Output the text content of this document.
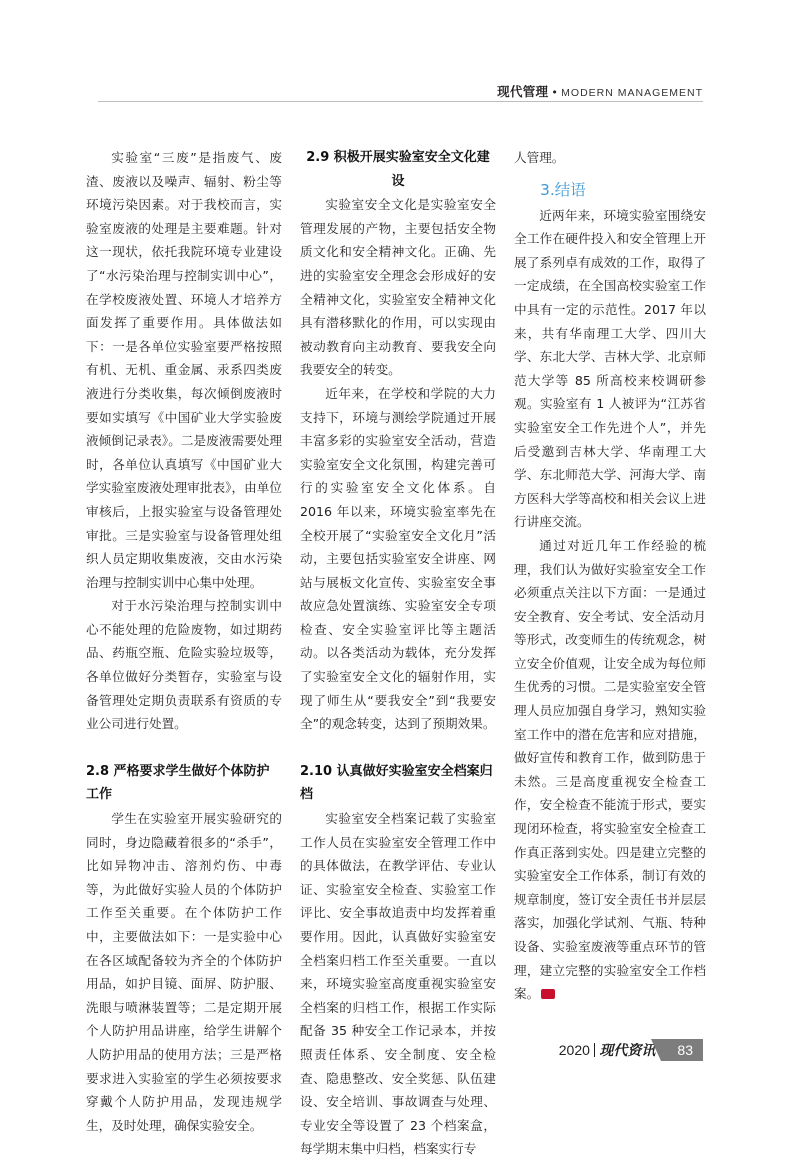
现代管理 • MODERN MANAGEMENT

实验室“三废”是指废气、废渣、废液以及噪声、辐射、粉尘等环境污染因素。对于我校而言，实验室废液的处理是主要难题。针对这一现状，依托我院环境专业建设了“水污染治理与控制实训中心”，在学校废液处置、环境人才培养方面发挥了重要作用。具体做法如下：一是各单位实验室要严格按照有机、无机、重金属、汞系四类废液进行分类收集，每次倾倒废液时要如实填写《中国矿业大学实验废液倾倒记录表》。二是废液需要处理时，各单位认真填写《中国矿业大学实验室废液处理审批表》，由单位审核后，上报实验室与设备管理处审批。三是实验室与设备管理处组织人员定期收集废液，交由水污染治理与控制实训中心集中处理。

对于水污染治理与控制实训中心不能处理的危险废物，如过期药品、药瓶空瓶、危险实验垃圾等，各单位做好分类暂存，实验室与设备管理处定期负责联系有资质的专业公司进行处置。

2.8 严格要求学生做好个体防护工作

学生在实验室开展实验研究的同时，身边隐藏着很多的“杀手”，比如异物冲击、溶剂灼伤、中毒等，为此做好实验人员的个体防护工作至关重要。在个体防护工作中，主要做法如下：一是实验中心在各区域配备较为齐全的个体防护用品，如护目镜、面屏、防护服、洗眼与喷淋装置等；二是定期开展个人防护用品讲座，给学生讲解个人防护用品的使用方法；三是严格要求进入实验室的学生必须按要求穿戴个人防护用品，发现违规学生，及时处理，确保实验安全。

2.9 积极开展实验室安全文化建设

实验室安全文化是实验室安全管理发展的产物，主要包括安全物质文化和安全精神文化。正确、先进的实验室安全理念会形成好的安全精神文化，实验室安全精神文化具有潜移默化的作用，可以实现由被动教育向主动教育、要我安全向我要安全的转变。

近年来，在学校和学院的大力支持下，环境与测绘学院通过开展丰富多彩的实验室安全活动，营造实验室安全文化氛围，构建完善可行的实验室安全文化体系。自 2016 年以来，环境实验室率先在全校开展了“实验室安全文化月”活动，主要包括实验室安全讲座、网站与展板文化宣传、实验室安全事故应急处置演练、实验室安全专项检查、安全实验室评比等主题活动。以各类活动为载体，充分发挥了实验室安全文化的辐射作用，实现了师生从“要我安全”到“我要安全”的观念转变，达到了预期效果。

2.10 认真做好实验室安全档案归档

实验室安全档案记载了实验室工作人员在实验室安全管理工作中的具体做法，在教学评估、专业认证、实验室安全检查、实验室工作评比、安全事故追责中均发挥着重要作用。因此，认真做好实验室安全档案归档工作至关重要。一直以来，环境实验室高度重视实验室安全档案的归档工作，根据工作实际配备 35 种安全工作记录本，并按照责任体系、安全制度、安全检查、隐患整改、安全奖惩、队伍建设、安全培训、事故调查与处理、专业安全等设置了 23 个档案盒，每学期末集中归档，档案实行专

人管理。

3.结语

近两年来，环境实验室围绕安全工作在硬件投入和安全管理上开展了系列卓有成效的工作，取得了一定成绩，在全国高校实验室工作中具有一定的示范性。2017 年以来，共有华南理工大学、四川大学、东北大学、吉林大学、北京师范大学等 85 所高校来校调研参观。实验室有 1 人被评为“江苏省实验室安全工作先进个人”，并先后受邀到吉林大学、华南理工大学、东北师范大学、河海大学、南方医科大学等高校和相关会议上进行讲座交流。

通过对近几年工作经验的梳理，我们认为做好实验室安全工作必须重点关注以下方面：一是通过安全教育、安全考试、安全活动月等形式，改变师生的传统观念，树立安全价值观，让安全成为每位师生优秀的习惯。二是实验室安全管理人员应加强自身学习，熟知实验室工作中的潜在危害和应对措施，做好宣传和教育工作，做到防患于未然。三是高度重视安全检查工作，安全检查不能流于形式，要实现闭环检查，将实验室安全检查工作真正落到实处。四是建立完整的实验室安全工作体系，制订有效的规章制度，签订安全责任书并层层落实，加强化学试剂、气瓶、特种设备、实验室废液等重点环节的管理，建立完整的实验室安全工作档案。

2020 现代资讯	83
